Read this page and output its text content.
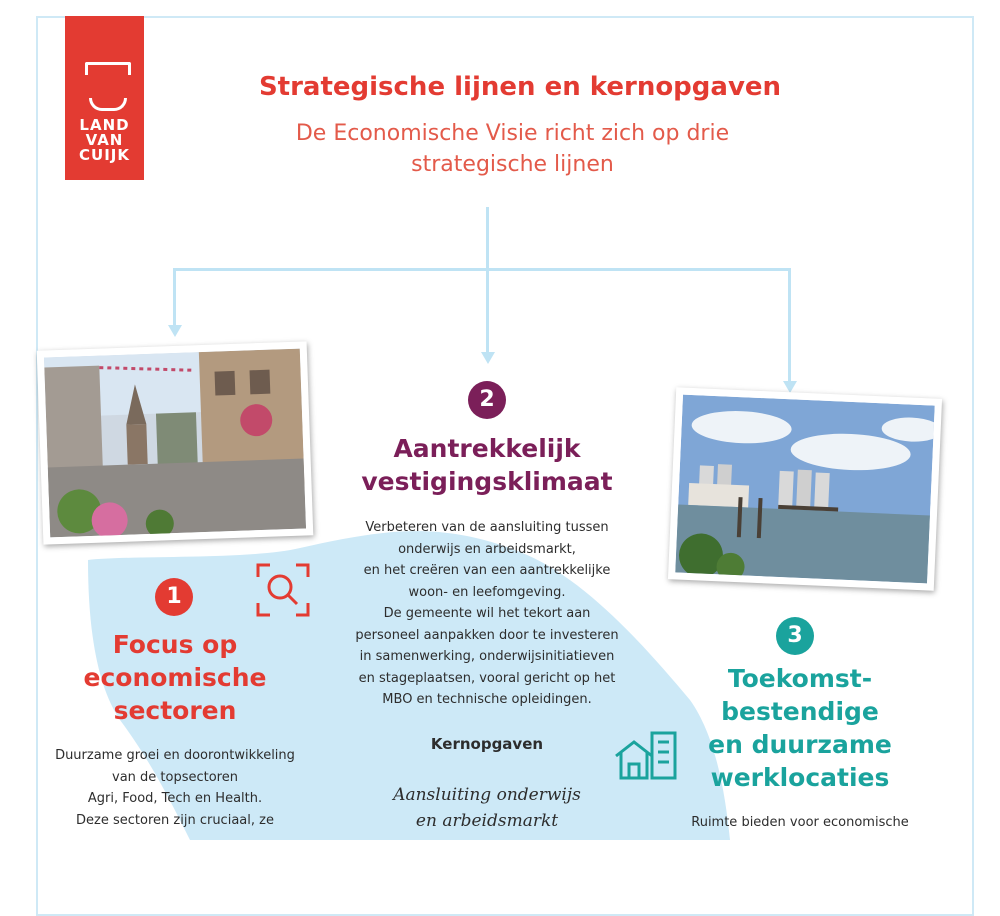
LAND
VAN
CUIJK
Strategische lijnen en kernopgaven
De Economische Visie richt zich op drie
strategische lijnen
1
Focus op
economische
sectoren
Duurzame groei en doorontwikkeling
van de topsectoren
Agri, Food, Tech en Health.
Deze sectoren zijn cruciaal, ze
2
Aantrekkelijk
vestigingsklimaat
Verbeteren van de aansluiting tussen
onderwijs en arbeidsmarkt,
en het creëren van een aantrekkelijke
woon- en leefomgeving.
De gemeente wil het tekort aan
personeel aanpakken door te investeren
in samenwerking, onderwijsinitiatieven
en stageplaatsen, vooral gericht op het
MBO en technische opleidingen.
Kernopgaven
Aansluiting onderwijs
en arbeidsmarkt
3
Toekomst-
bestendige
en duurzame
werklocaties
Ruimte bieden voor economische
